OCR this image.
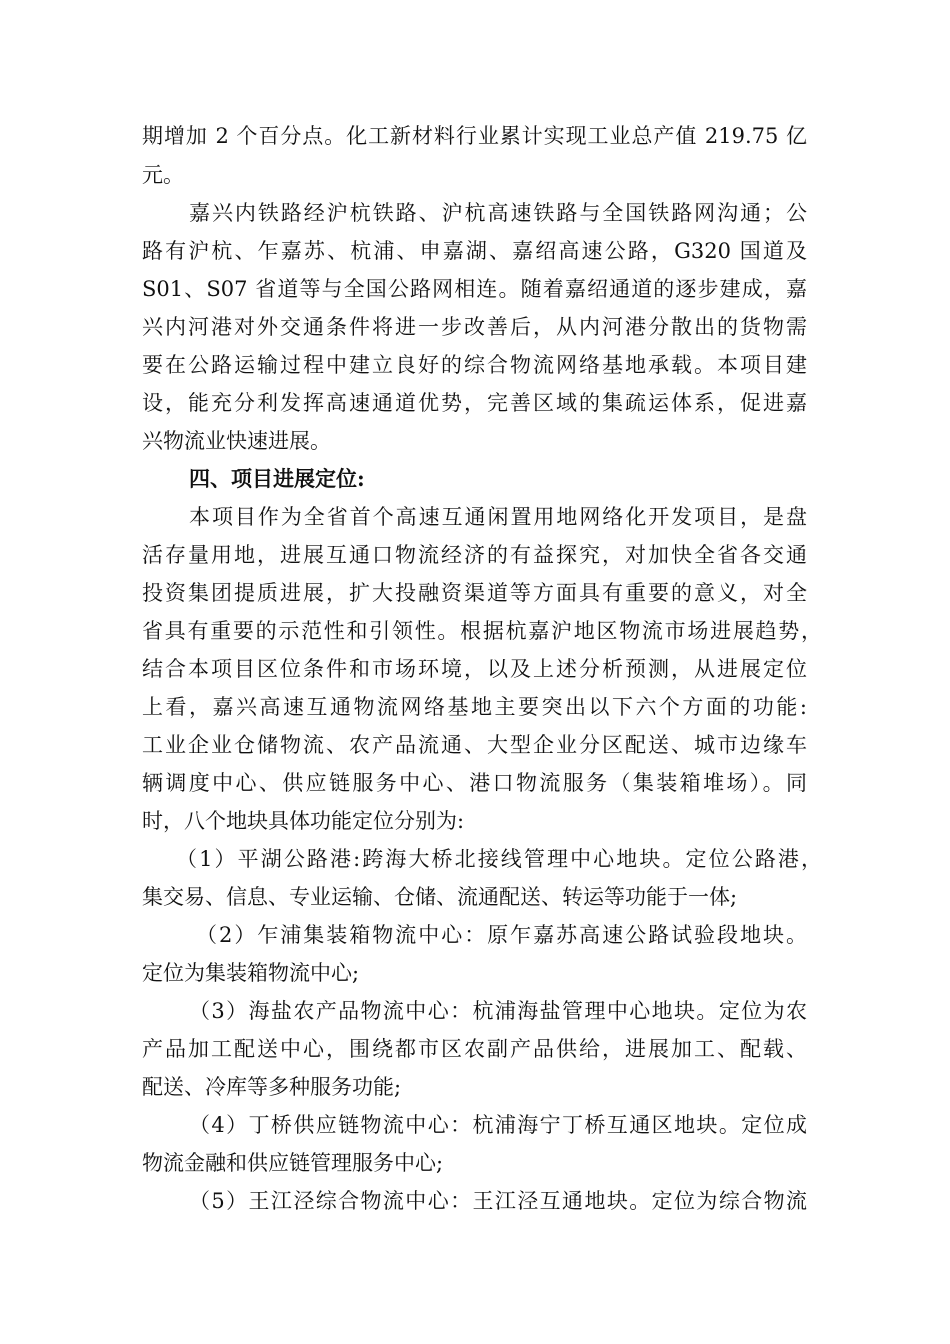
期增加 2 个百分点。化工新材料行业累计实现工业总产值 219.75 亿
元。
嘉兴内铁路经沪杭铁路、沪杭高速铁路与全国铁路网沟通；公
路有沪杭、乍嘉苏、杭浦、申嘉湖、嘉绍高速公路，G320 国道及
S01、S07 省道等与全国公路网相连。随着嘉绍通道的逐步建成，嘉
兴内河港对外交通条件将进一步改善后，从内河港分散出的货物需
要在公路运输过程中建立良好的综合物流网络基地承载。本项目建
设，能充分利发挥高速通道优势，完善区域的集疏运体系，促进嘉
兴物流业快速进展。
四、项目进展定位:
本项目作为全省首个高速互通闲置用地网络化开发项目，是盘
活存量用地，进展互通口物流经济的有益探究，对加快全省各交通
投资集团提质进展，扩大投融资渠道等方面具有重要的意义，对全
省具有重要的示范性和引领性。根据杭嘉沪地区物流市场进展趋势，
结合本项目区位条件和市场环境，以及上述分析预测，从进展定位
上看，嘉兴高速互通物流网络基地主要突出以下六个方面的功能:
工业企业仓储物流、农产品流通、大型企业分区配送、城市边缘车
辆调度中心、供应链服务中心、港口物流服务（集装箱堆场）。同
时，八个地块具体功能定位分别为:
（1）平湖公路港:跨海大桥北接线管理中心地块。定位公路港，
集交易、信息、专业运输、仓储、流通配送、转运等功能于一体;
（2）乍浦集装箱物流中心：原乍嘉苏高速公路试验段地块。
定位为集装箱物流中心;
（3）海盐农产品物流中心：杭浦海盐管理中心地块。定位为农
产品加工配送中心，围绕都市区农副产品供给，进展加工、配载、
配送、冷库等多种服务功能;
（4）丁桥供应链物流中心：杭浦海宁丁桥互通区地块。定位成
物流金融和供应链管理服务中心;
（5）王江泾综合物流中心：王江泾互通地块。定位为综合物流
